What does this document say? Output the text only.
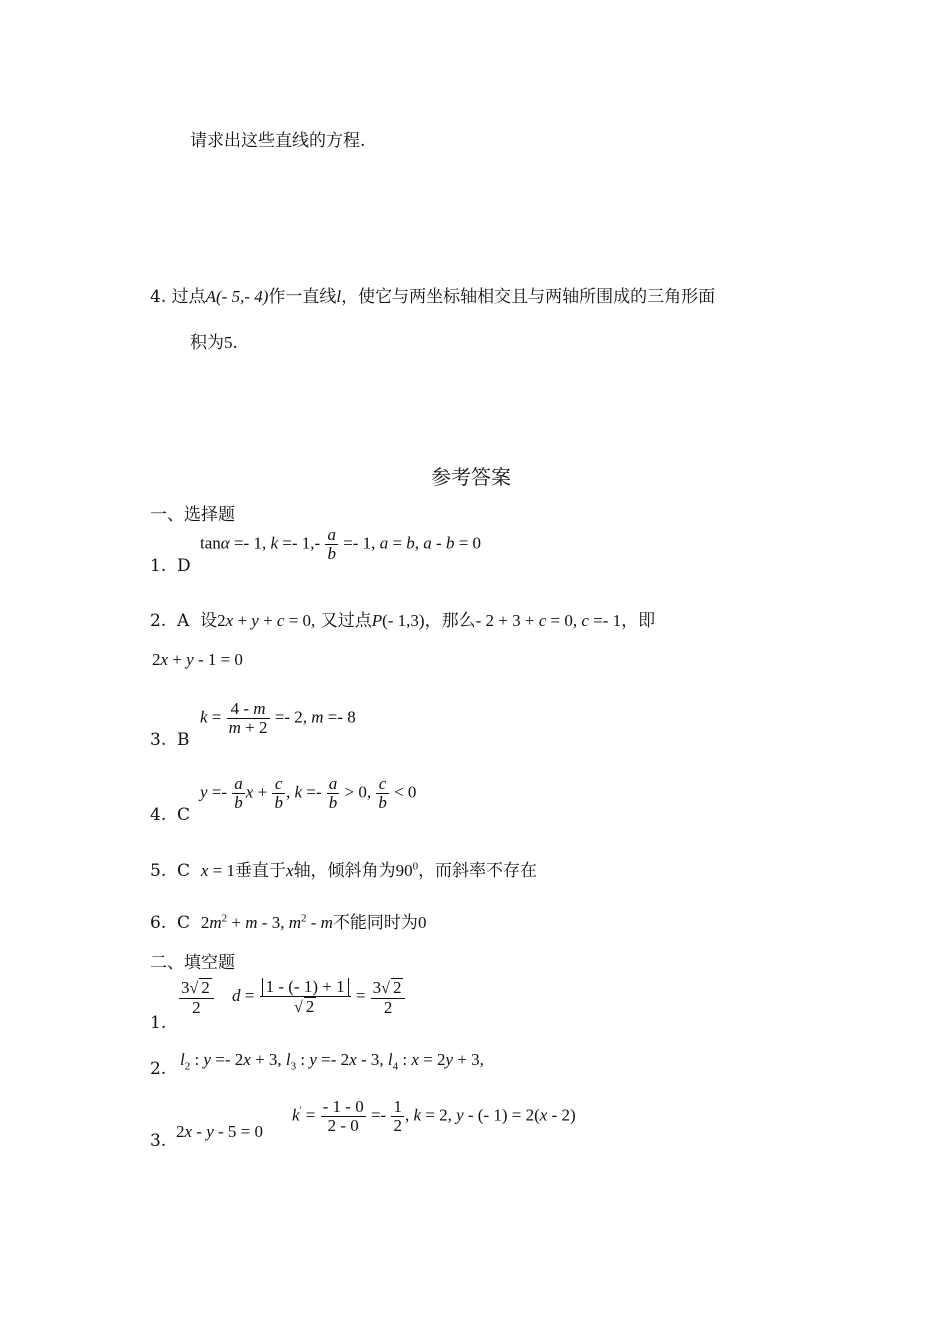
请求出这些直线的方程.
4. 过点A(- 5,- 4)作一直线l，使它与两坐标轴相交且与两轴所围成的三角形面
积为5.
参考答案
一、选择题
1. D
tanα =- 1, $k =- 1,- \frac{a}{b} =- 1$, a = b, a - b = 0
2. A 设2x + y + c = 0, 又过点P(- 1,3)，那么- 2 + 3 + c = 0, c =- 1，即
2x + y - 1 = 0
3. B
$k = \frac{4 - m}{m + 2} =- 2$, m =- 8
4. C
$y =- \frac{a}{b}$ $x + \frac{c}{b}$ , $k =- \frac{a}{b} > 0$, $\frac{c}{b} < 0$
5. C x = 1垂直于x轴，倾斜角为$90^0$，而斜率不存在
6. C $2m^2 + m - 3$, $m^2$ - m不能同时为0
二、填空题
1.
$\frac{3√ 2}{2}$ $d = \frac{1 - (- 1) + 1}{√ 2} = \frac{3√ 2}{2}$
2. $l_2$ : y =- 2x + 3, $l_3$ : y =- 2x - 3, $l_4$ : x = 2y + 3,
3. 2x - y - 5 = 0
$k' = \frac{- 1 - 0}{2 - 0} =- \frac{1}{2}$ , k = 2, y - (- 1) = 2(x - 2)
